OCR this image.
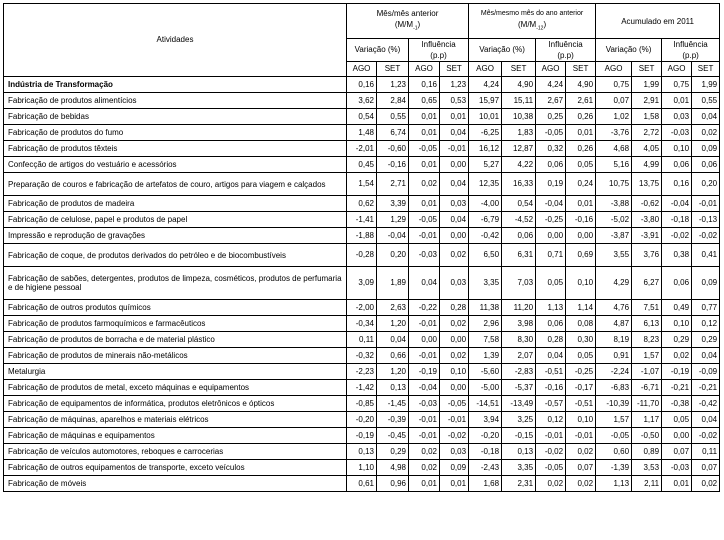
Atividades	Mês/mês anterior
$(M/M_{-1})$				Mês/mesmo mês do ano anterior
$(M/M_{-12})$				Acumulado em 2011			

	Variação (%)		Influência
(p.p)		Variação (%)		Influência
(p.p)		Variação (%)		Influência
(p.p)	

	AGO	SET	AGO	SET	AGO	SET	AGO	SET	AGO	SET	AGO	SET
Indústria de Transformação	0,16	1,23	0,16	1,23	4,24	4,90	4,24	4,90	0,75	1,99	0,75	1,99
Fabricação de produtos alimentícios	3,62	2,84	0,65	0,53	15,97	15,11	2,67	2,61	0,07	2,91	0,01	0,55
Fabricação de bebidas	0,54	0,55	0,01	0,01	10,01	10,38	0,25	0,26	1,02	1,58	0,03	0,04
Fabricação de produtos do fumo	1,48	6,74	0,01	0,04	-6,25	1,83	-0,05	0,01	-3,76	2,72	-0,03	0,02
Fabricação de produtos têxteis	-2,01	-0,60	-0,05	-0,01	16,12	12,87	0,32	0,26	4,68	4,05	0,10	0,09
Confecção de artigos do vestuário e acessórios	0,45	-0,16	0,01	0,00	5,27	4,22	0,06	0,05	5,16	4,99	0,06	0,06
Preparação de couros e fabricação de artefatos de couro, artigos para viagem e calçados	1,54	2,71	0,02	0,04	12,35	16,33	0,19	0,24	10,75	13,75	0,16	0,20
Fabricação de produtos de madeira	0,62	3,39	0,01	0,03	-4,00	0,54	-0,04	0,01	-3,88	-0,62	-0,04	-0,01
Fabricação de celulose, papel e produtos de papel	-1,41	1,29	-0,05	0,04	-6,79	-4,52	-0,25	-0,16	-5,02	-3,80	-0,18	-0,13
Impressão e reprodução de gravações	-1,88	-0,04	-0,01	0,00	-0,42	0,06	0,00	0,00	-3,87	-3,91	-0,02	-0,02
Fabricação de coque, de produtos derivados do petróleo e de biocombustíveis	-0,28	0,20	-0,03	0,02	6,50	6,31	0,71	0,69	3,55	3,76	0,38	0,41
Fabricação de sabões, detergentes, produtos de limpeza, cosméticos, produtos de perfumaria e de higiene pessoal	3,09	1,89	0,04	0,03	3,35	7,03	0,05	0,10	4,29	6,27	0,06	0,09
Fabricação de outros produtos químicos	-2,00	2,63	-0,22	0,28	11,38	11,20	1,13	1,14	4,76	7,51	0,49	0,77
Fabricação de produtos farmoquímicos e farmacêuticos	-0,34	1,20	-0,01	0,02	2,96	3,98	0,06	0,08	4,87	6,13	0,10	0,12
Fabricação de produtos de borracha e de material plástico	0,11	0,04	0,00	0,00	7,58	8,30	0,28	0,30	8,19	8,23	0,29	0,29
Fabricação de produtos de minerais não-metálicos	-0,32	0,66	-0,01	0,02	1,39	2,07	0,04	0,05	0,91	1,57	0,02	0,04
Metalurgia	-2,23	1,20	-0,19	0,10	-5,60	-2,83	-0,51	-0,25	-2,24	-1,07	-0,19	-0,09
Fabricação de produtos de metal, exceto máquinas e equipamentos	-1,42	0,13	-0,04	0,00	-5,00	-5,37	-0,16	-0,17	-6,83	-6,71	-0,21	-0,21
Fabricação de equipamentos de informática, produtos eletrônicos e ópticos	-0,85	-1,45	-0,03	-0,05	-14,51	-13,49	-0,57	-0,51	-10,39	-11,70	-0,38	-0,42
Fabricação de máquinas, aparelhos e materiais elétricos	-0,20	-0,39	-0,01	-0,01	3,94	3,25	0,12	0,10	1,57	1,17	0,05	0,04
Fabricação de máquinas e equipamentos	-0,19	-0,45	-0,01	-0,02	-0,20	-0,15	-0,01	-0,01	-0,05	-0,50	0,00	-0,02
Fabricação de veículos automotores, reboques e carrocerias	0,13	0,29	0,02	0,03	-0,18	0,13	-0,02	0,02	0,60	0,89	0,07	0,11
Fabricação de outros equipamentos de transporte, exceto veículos	1,10	4,98	0,02	0,09	-2,43	3,35	-0,05	0,07	-1,39	3,53	-0,03	0,07
Fabricação de móveis	0,61	0,96	0,01	0,01	1,68	2,31	0,02	0,02	1,13	2,11	0,01	0,02
